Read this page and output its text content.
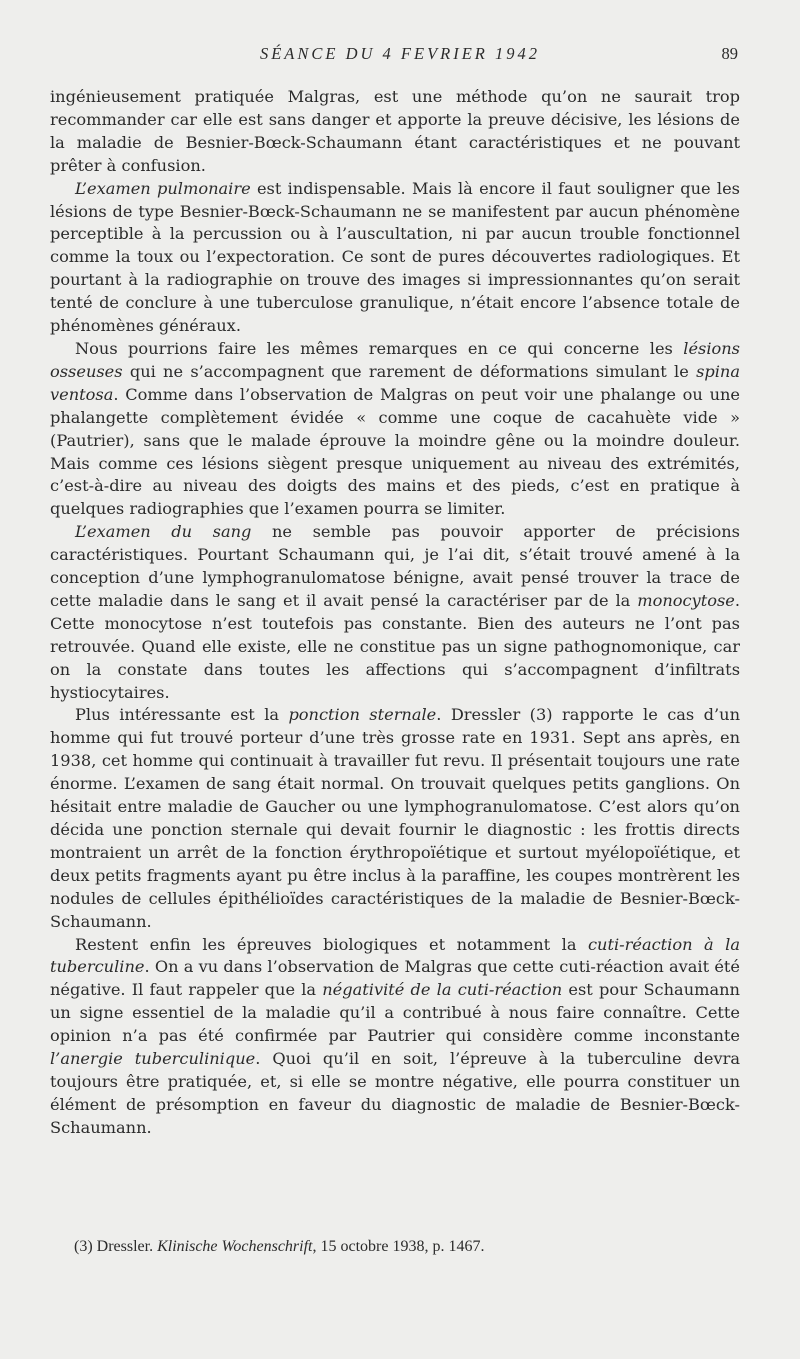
SÉANCE DU 4 FEVRIER 1942	89

ingénieusement pratiquée Malgras, est une méthode qu’on ne saurait trop recommander car elle est sans danger et apporte la preuve décisive, les lésions de la maladie de Besnier-Bœck-Schaumann étant caractéristiques et ne pouvant prêter à confusion.

L’examen pulmonaire est indispensable. Mais là encore il faut souligner que les lésions de type Besnier-Bœck-Schaumann ne se manifestent par aucun phénomène perceptible à la percussion ou à l’auscultation, ni par aucun trouble fonctionnel comme la toux ou l’expectoration. Ce sont de pures découvertes radiologiques. Et pourtant à la radiographie on trouve des images si impressionnantes qu’on serait tenté de conclure à une tuberculose granulique, n’était encore l’absence totale de phénomènes généraux.

Nous pourrions faire les mêmes remarques en ce qui concerne les lésions osseuses qui ne s’accompagnent que rarement de déformations simulant le spina ventosa. Comme dans l’observation de Malgras on peut voir une phalange ou une phalangette complètement évidée « comme une coque de cacahuète vide » (Pautrier), sans que le malade éprouve la moindre gêne ou la moindre douleur. Mais comme ces lésions siègent presque uniquement au niveau des extrémités, c’est-à-dire au niveau des doigts des mains et des pieds, c’est en pratique à quelques radiographies que l’examen pourra se limiter.

L’examen du sang ne semble pas pouvoir apporter de précisions caractéristiques. Pourtant Schaumann qui, je l’ai dit, s’était trouvé amené à la conception d’une lymphogranulomatose bénigne, avait pensé trouver la trace de cette maladie dans le sang et il avait pensé la caractériser par de la monocytose. Cette monocytose n’est toutefois pas constante. Bien des auteurs ne l’ont pas retrouvée. Quand elle existe, elle ne constitue pas un signe pathognomonique, car on la constate dans toutes les affections qui s’accompagnent d’infiltrats hystiocytaires.

Plus intéressante est la ponction sternale. Dressler (3) rapporte le cas d’un homme qui fut trouvé porteur d’une très grosse rate en 1931. Sept ans après, en 1938, cet homme qui continuait à travailler fut revu. Il présentait toujours une rate énorme. L’examen de sang était normal. On trouvait quelques petits ganglions. On hésitait entre maladie de Gaucher ou une lymphogranulomatose. C’est alors qu’on décida une ponction sternale qui devait fournir le diagnostic : les frottis directs montraient un arrêt de la fonction érythropoïétique et surtout myélopoïétique, et deux petits fragments ayant pu être inclus à la paraffine, les coupes montrèrent les nodules de cellules épithélioïdes caractéristiques de la maladie de Besnier-Bœck-Schaumann.

Restent enfin les épreuves biologiques et notamment la cuti-réaction à la tuberculine. On a vu dans l’observation de Malgras que cette cuti-réaction avait été négative. Il faut rappeler que la négativité de la cuti-réaction est pour Schaumann un signe essentiel de la maladie qu’il a contribué à nous faire connaître. Cette opinion n’a pas été confirmée par Pautrier qui considère comme inconstante l’anergie tuberculinique. Quoi qu’il en soit, l’épreuve à la tuberculine devra toujours être pratiquée, et, si elle se montre négative, elle pourra constituer un élément de présomption en faveur du diagnostic de maladie de Besnier-Bœck-Schaumann.

(3) Dressler. Klinische Wochenschrift, 15 octobre 1938, p. 1467.
